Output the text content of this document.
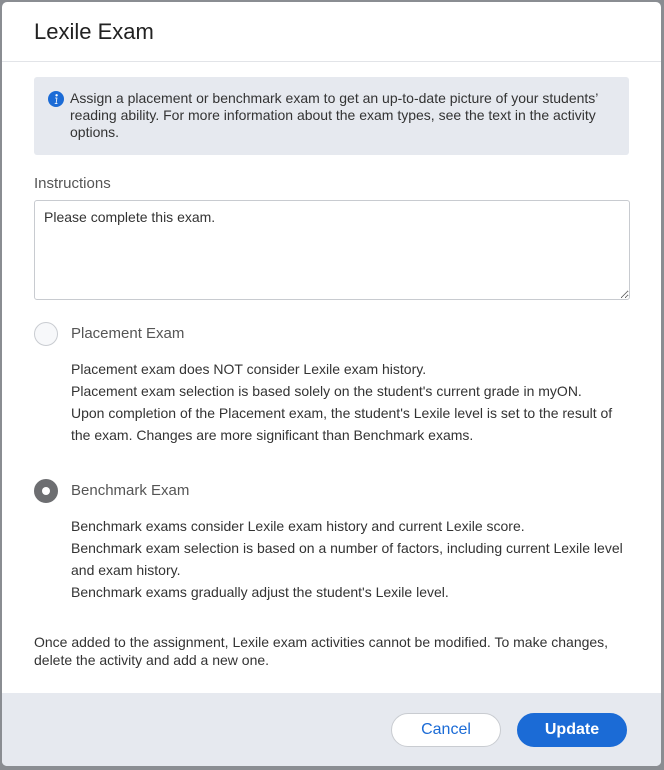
Lexile Exam
Assign a placement or benchmark exam to get an up-to-date picture of your students’ reading ability. For more information about the exam types, see the text in the activity options.
Instructions
Please complete this exam.
Placement Exam

Placement exam does NOT consider Lexile exam history.

Placement exam selection is based solely on the student's current grade in myON.

Upon completion of the Placement exam, the student's Lexile level is set to the result of the exam. Changes are more significant than Benchmark exams.

Benchmark Exam

Benchmark exams consider Lexile exam history and current Lexile score.

Benchmark exam selection is based on a number of factors, including current Lexile level and exam history.

Benchmark exams gradually adjust the student's Lexile level.

Once added to the assignment, Lexile exam activities cannot be modified. To make changes, delete the activity and add a new one.
Cancel	Update
